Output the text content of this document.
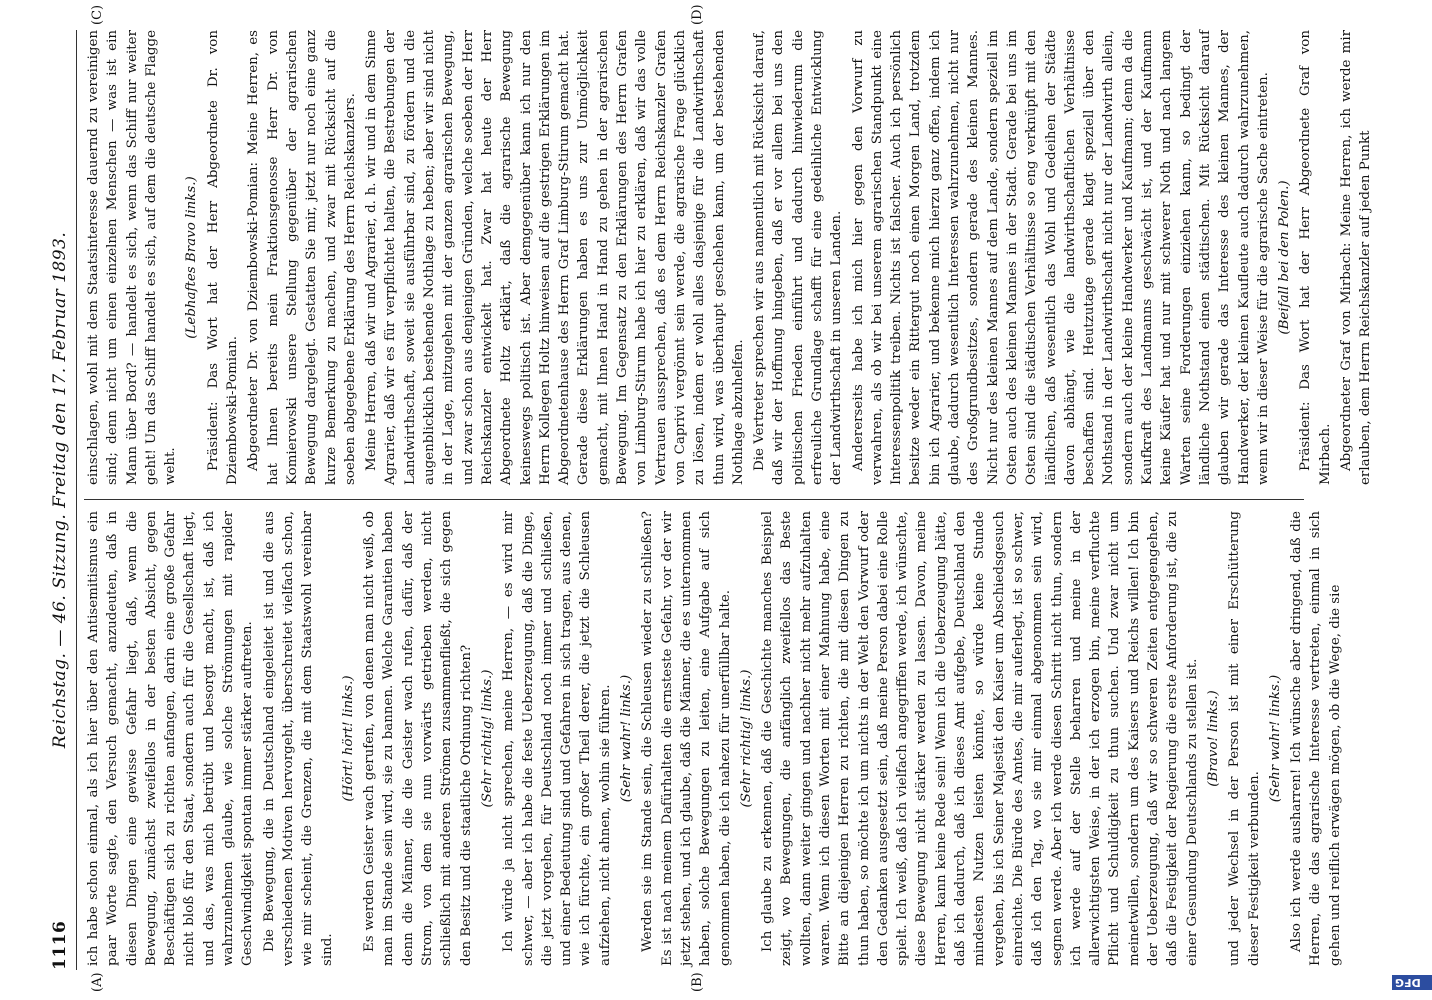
1116
Reichstag. — 46. Sitzung. Freitag den 17. Februar 1893.
(A)	(B)
(C)	(D)

ich habe schon einmal, als ich hier über den Antisemitismus ein paar Worte sagte, den Versuch gemacht, anzudeuten, daß in diesen Dingen eine gewisse Gefahr liegt, daß, wenn die Bewegung, zunächst zweifellos in der besten Absicht, gegen Beschäftigen sich zu richten anfangen, darin eine große Gefahr nicht bloß für den Staat, sondern auch für die Gesellschaft liegt, und das, was mich betrübt und besorgt macht, ist, daß ich wahrzunehmen glaube, wie solche Strömungen mit rapider Geschwindigkeit spontan immer stärker auftreten. Die Bewegung, die in Deutschland eingeleitet ist und die aus verschiedenen Motiven hervorgeht, überschreitet vielfach schon, wie mir scheint, die Grenzen, die mit dem Staatswohl vereinbar sind.

(Hört! hört! links.) Es werden Geister wach gerufen, von denen man nicht weiß, ob man im Stande sein wird, sie zu bannen. Welche Garantien haben denn die Männer, die die Geister wach rufen, dafür, daß der Strom, von dem sie nun vorwärts getrieben werden, nicht schließlich mit anderen Strömen zusammenfließt, die sich gegen den Besitz und die staatliche Ordnung richten? (Sehr richtig! links.) Ich würde ja nicht sprechen, meine Herren, — es wird mir schwer, — aber ich habe die feste Ueberzeugung, daß die Dinge, die jetzt vorgehen, für Deutschland noch immer und schließen, und einer Bedeutung sind und Gefahren in sich tragen, aus denen, wie ich fürchte, ein großer Theil derer, die jetzt die Schleusen aufziehen, nicht ahnen, wohin sie führen. (Sehr wahr! links.) Werden sie im Stande sein, die Schleusen wieder zu schließen? Es ist nach meinem Dafürhalten die ernsteste Gefahr, vor der wir jetzt stehen, und ich glaube, daß die Männer, die es unternommen haben, solche Bewegungen zu leiten, eine Aufgabe auf sich genommen haben, die ich nahezu für unerfüllbar halte. (Sehr richtig! links.) Ich glaube zu erkennen, daß die Geschichte manches Beispiel zeigt, wo Bewegungen, die anfänglich zweifellos das Beste wollten, dann weiter gingen und nachher nicht mehr aufzuhalten waren. Wenn ich diesen Worten mit einer Mahnung habe, eine Bitte an diejenigen Herren zu richten, die mit diesen Dingen zu thun haben, so möchte ich um nichts in der Welt den Vorwurf oder den Gedanken ausgesetzt sein, daß meine Person dabei eine Rolle spielt. Ich weiß, daß ich vielfach angegriffen werde, ich wünschte, diese Bewegung nicht stärker werden zu lassen. Davon, meine Herren, kann keine Rede sein! Wenn ich die Ueberzeugung hätte, daß ich dadurch, daß ich dieses Amt aufgebe, Deutschland den mindesten Nutzen leisten könnte, so würde keine Stunde vergehen, bis ich Seiner Majestät den Kaiser um Abschiedsgesuch einreichte. Die Bürde des Amtes, die mir auferlegt, ist so schwer, daß ich den Tag, wo sie mir einmal abgenommen sein wird, segnen werde. Aber ich werde diesen Schritt nicht thun, sondern ich werde auf der Stelle beharren und meine in der allerwichtigsten Weise, in der ich erzogen bin, meine verfluchte Pflicht und Schuldigkeit zu thun suchen. Und zwar nicht um meinetwillen, sondern um des Kaisers und Reichs willen! Ich bin der Ueberzeugung, daß wir so schweren Zeiten entgegengehen, daß die Festigkeit der Regierung die erste Anforderung ist, die zu einer Gesundung Deutschlands zu stellen ist. (Bravo! links.) und jeder Wechsel in der Person ist mit einer Erschütterung dieser Festigkeit verbunden.

(Sehr wahr! links.) Also ich werde ausharren! Ich wünsche aber dringend, daß die Herren, die das agrarische Interesse vertreten, einmal in sich gehen und reiflich erwägen mögen, ob die Wege, die sie

einschlagen, wohl mit dem Staatsinteresse dauernd zu vereinigen sind; denn nicht um einen einzelnen Menschen — was ist ein Mann über Bord? — handelt es sich, wenn das Schiff nur weiter geht! Um das Schiff handelt es sich, auf dem die deutsche Flagge weht.

(Lebhaftes Bravo links.) Präsident: Das Wort hat der Herr Abgeordnete Dr. von Dziembowski-Pomian. Abgeordneter Dr. von Dziembowski-Pomian: Meine Herren, es hat Ihnen bereits mein Fraktionsgenosse Herr Dr. von Komierowski unsere Stellung gegenüber der agrarischen Bewegung dargelegt. Gestatten Sie mir, jetzt nur noch eine ganz kurze Bemerkung zu machen, und zwar mit Rücksicht auf die soeben abgegebene Erklärung des Herrn Reichskanzlers. Meine Herren, daß wir und Agrarier, d. h. wir und in dem Sinne Agrarier, daß wir es für verpflichtet halten, die Bestrebungen der Landwirthschaft, soweit sie ausführbar sind, zu fördern und die augenblicklich bestehende Nothlage zu heben; aber wir sind nicht in der Lage, mitzugehen mit der ganzen agrarischen Bewegung, und zwar schon aus denjenigen Gründen, welche soeben der Herr Reichskanzler entwickelt hat. Zwar hat heute der Herr Abgeordnete Holtz erklärt, daß die agrarische Bewegung keineswegs politisch ist. Aber demgegenüber kann ich nur den Herrn Kollegen Holtz hinweisen auf die gestrigen Erklärungen im Abgeordnetenhause des Herrn Graf Limburg-Stirum gemacht hat. Gerade diese Erklärungen haben es uns zur Unmöglichkeit gemacht, mit Ihnen Hand in Hand zu gehen in der agrarischen Bewegung. Im Gegensatz zu den Erklärungen des Herrn Grafen von Limburg-Stirum habe ich hier zu erklären, daß wir das volle Vertrauen aussprechen, daß es dem Herrn Reichskanzler Grafen von Caprivi vergönnt sein werde, die agrarische Frage glücklich zu lösen, indem er wohl alles dasjenige für die Landwirthschaft thun wird, was überhaupt geschehen kann, um der bestehenden Nothlage abzuhelfen. Die Vertreter sprechen wir aus namentlich mit Rücksicht darauf, daß wir der Hoffnung hingeben, daß er vor allem bei uns den politischen Frieden einführt und dadurch hinwiederum die erfreuliche Grundlage schafft für eine gedeihliche Entwicklung der Landwirthschaft in unseren Landen. Andererseits habe ich mich hier gegen den Vorwurf zu verwahren, als ob wir bei unserem agrarischen Standpunkt eine Interessenpolitik treiben. Nichts ist falscher. Auch ich persönlich besitze weder ein Rittergut noch einen Morgen Land, trotzdem bin ich Agrarier, und bekenne mich hierzu ganz offen, indem ich glaube, dadurch wesentlich Interessen wahrzunehmen, nicht nur des Großgrundbesitzes, sondern gerade des kleinen Mannes. Nicht nur des kleinen Mannes auf dem Lande, sondern speziell im Osten auch des kleinen Mannes in der Stadt. Gerade bei uns im Osten sind die städtischen Verhältnisse so eng verknüpft mit den ländlichen, daß wesentlich das Wohl und Gedeihen der Städte davon abhängt, wie die landwirthschaftlichen Verhältnisse beschaffen sind. Heutzutage gerade klagt speziell über den Nothstand in der Landwirthschaft nicht nur der Landwirth allein, sondern auch der kleine Handwerker und Kaufmann; denn da die Kaufkraft des Landmanns geschwächt ist, und der Kaufmann keine Käufer hat und nur mit schwerer Noth und nach langem Warten seine Forderungen einziehen kann, so bedingt der ländliche Nothstand einen städtischen. Mit Rücksicht darauf glauben wir gerade das Interesse des kleinen Mannes, der Handwerker, der kleinen Kaufleute auch dadurch wahrzunehmen, wenn wir in dieser Weise für die agrarische Sache eintreten. (Beifall bei den Polen.) Präsident: Das Wort hat der Herr Abgeordnete Graf von Mirbach. Abgeordneter Graf von Mirbach: Meine Herren, ich werde mir erlauben, dem Herrn Reichskanzler auf jeden Punkt

DFG
